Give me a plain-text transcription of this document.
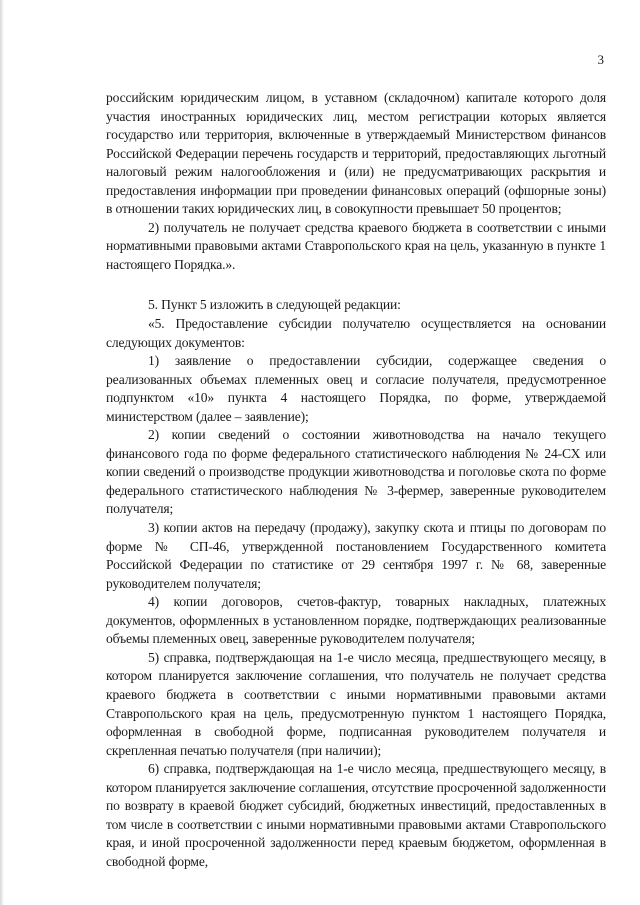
3

российским юридическим лицом, в уставном (складочном) капитале которого доля участия иностранных юридических лиц, местом регистрации которых является государство или территория, включенные в утверждаемый Министерством финансов Российской Федерации перечень государств и территорий, предоставляющих льготный налоговый режим налогообложения и (или) не предусматривающих раскрытия и предоставления информации при проведении финансовых операций (офшорные зоны) в отношении таких юридических лиц, в совокупности превышает 50 процентов;

2) получатель не получает средства краевого бюджета в соответствии с иными нормативными правовыми актами Ставропольского края на цель, указанную в пункте 1 настоящего Порядка.».

5. Пункт 5 изложить в следующей редакции:

«5. Предоставление субсидии получателю осуществляется на основании следующих документов:

1) заявление о предоставлении субсидии, содержащее сведения о реализованных объемах племенных овец и согласие получателя, предусмотренное подпунктом «10» пункта 4 настоящего Порядка, по форме, утверждаемой министерством (далее – заявление);

2) копии сведений о состоянии животноводства на начало текущего финансового года по форме федерального статистического наблюдения № 24-СХ или копии сведений о производстве продукции животноводства и поголовье скота по форме федерального статистического наблюдения № 3-фермер, заверенные руководителем получателя;

3) копии актов на передачу (продажу), закупку скота и птицы по договорам по форме № СП-46, утвержденной постановлением Государственного комитета Российской Федерации по статистике от 29 сентября 1997 г. № 68, заверенные руководителем получателя;

4) копии договоров, счетов-фактур, товарных накладных, платежных документов, оформленных в установленном порядке, подтверждающих реализованные объемы племенных овец, заверенные руководителем получателя;

5) справка, подтверждающая на 1-е число месяца, предшествующего месяцу, в котором планируется заключение соглашения, что получатель не получает средства краевого бюджета в соответствии с иными нормативными правовыми актами Ставропольского края на цель, предусмотренную пунктом 1 настоящего Порядка, оформленная в свободной форме, подписанная руководителем получателя и скрепленная печатью получателя (при наличии);

6) справка, подтверждающая на 1-е число месяца, предшествующего месяцу, в котором планируется заключение соглашения, отсутствие просроченной задолженности по возврату в краевой бюджет субсидий, бюджетных инвестиций, предоставленных в том числе в соответствии с иными нормативными правовыми актами Ставропольского края, и иной просроченной задолженности перед краевым бюджетом, оформленная в свободной форме,
